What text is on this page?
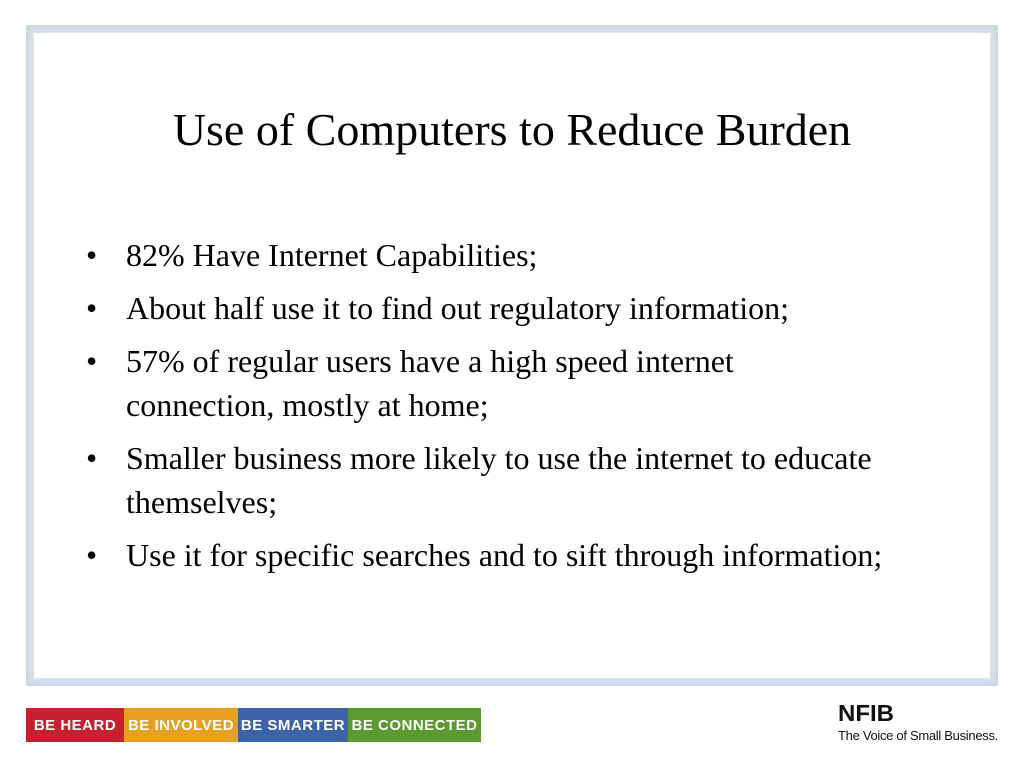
Use of Computers to Reduce Burden
• 82% Have Internet Capabilities;
• About half use it to find out regulatory information;
• 57% of regular users have a high speed internet connection, mostly at home;
• Smaller business more likely to use the internet to educate themselves;
• Use it for specific searches and to sift through information;
BE HEARD BE INVOLVED BE SMARTER BE CONNECTED	NFIB
The Voice of Small Business.
